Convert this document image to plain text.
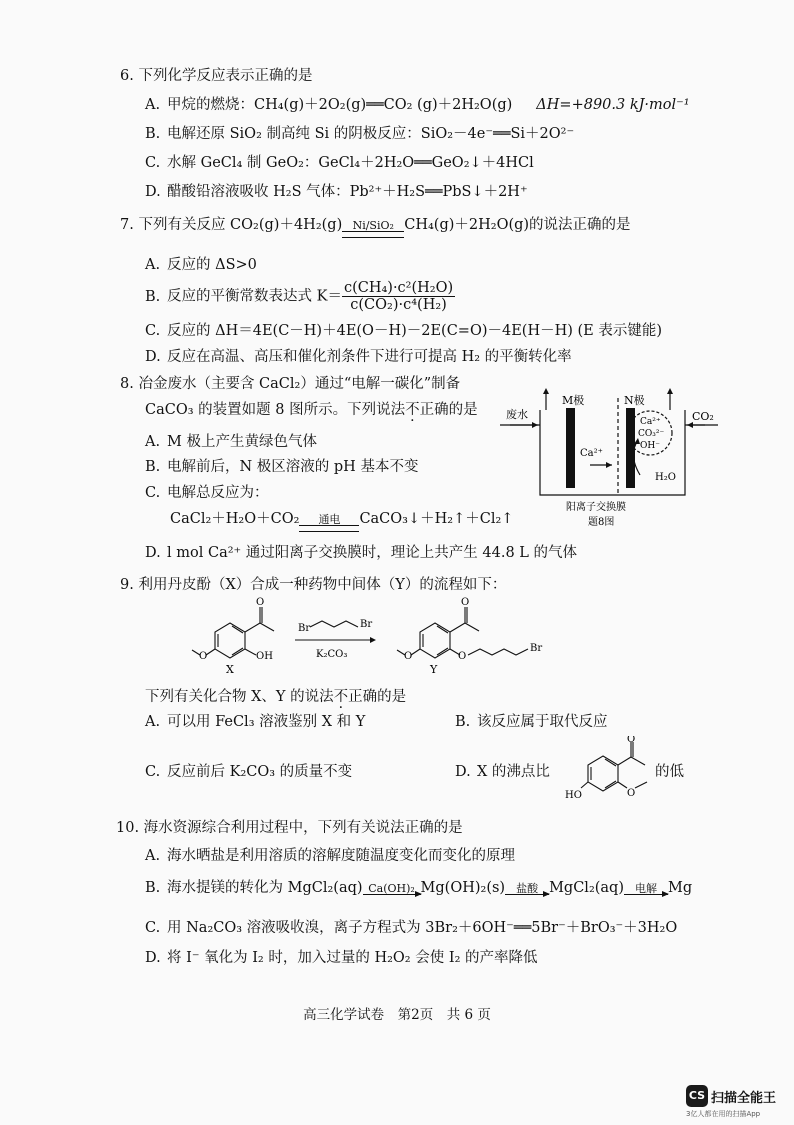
6. 下列化学反应表示正确的是
A. 甲烷的燃烧：CH₄(g)＋2O₂(g)══CO₂ (g)＋2H₂O(g) ΔH=+890.3 kJ·mol⁻¹
B. 电解还原 SiO₂ 制高纯 Si 的阴极反应：SiO₂－4e⁻══Si＋2O²⁻
C. 水解 GeCl₄ 制 GeO₂：GeCl₄＋2H₂O══GeO₂↓＋4HCl
D. 醋酸铅溶液吸收 H₂S 气体：Pb²⁺＋H₂S══PbS↓＋2H⁺
7. 下列有关反应 CO₂(g)＋4H₂(g) Ni/SiO₂ CH₄(g)＋2H₂O(g)的说法正确的是
A. 反应的 ΔS>0
B. 反应的平衡常数表达式 $K= \frac{\text{c(CH₄)·c²(H₂O)}}{\text{c(CO₂)·c⁴(H₂)}}$
C. 反应的 ΔH＝4E(C－H)＋4E(O－H)－2E(C=O)－4E(H－H) (E 表示键能)
D. 反应在高温、高压和催化剂条件下进行可提高 H₂ 的平衡转化率
8. 冶金废水（主要含 CaCl₂）通过“电解一碳化”制备
CaCO₃ 的装置如题 8 图所示。下列说法不正确的是
A. M 极上产生黄绿色气体
B. 电解前后，N 极区溶液的 pH 基本不变
C. 电解总反应为：
CaCl₂＋H₂O＋CO₂	通电	CaCO₃↓＋H₂↑＋Cl₂↑
D. l mol Ca²⁺ 通过阳离子交换膜时，理论上共产生 44.8 L 的气体
废水
M极	N极
CO₂
Ca²⁺
Ca²⁺
CO₃²⁻
OH⁻
H₂O
阳离子交换膜
题8图
9. 利用丹皮酚（X）合成一种药物中间体（Y）的流程如下：
O
O	OH
X
Br	Br
K₂CO₃
O
O	O
Br
Y
下列有关化合物 X、Y 的说法不正确的是
A. 可以用 FeCl₃ 溶液鉴别 X 和 Y	B. 该反应属于取代反应
C. 反应前后 K₂CO₃ 的质量不变	D. X 的沸点比	的低
O
O
HO
10. 海水资源综合利用过程中，下列有关说法正确的是
A. 海水晒盐是利用溶质的溶解度随温度变化而变化的原理
B. 海水提镁的转化为 MgCl₂(aq) Ca(OH)₂ Mg(OH)₂(s)	盐酸 MgCl₂(aq)	电解 Mg
C. 用 Na₂CO₃ 溶液吸收溴，离子方程式为 3Br₂＋6OH⁻══5Br⁻＋BrO₃⁻＋3H₂O
D. 将 I⁻ 氧化为 I₂ 时，加入过量的 H₂O₂ 会使 I₂ 的产率降低
高三化学试卷　第2页　共 6 页
CS 扫描全能王
3亿人都在用的扫描App
